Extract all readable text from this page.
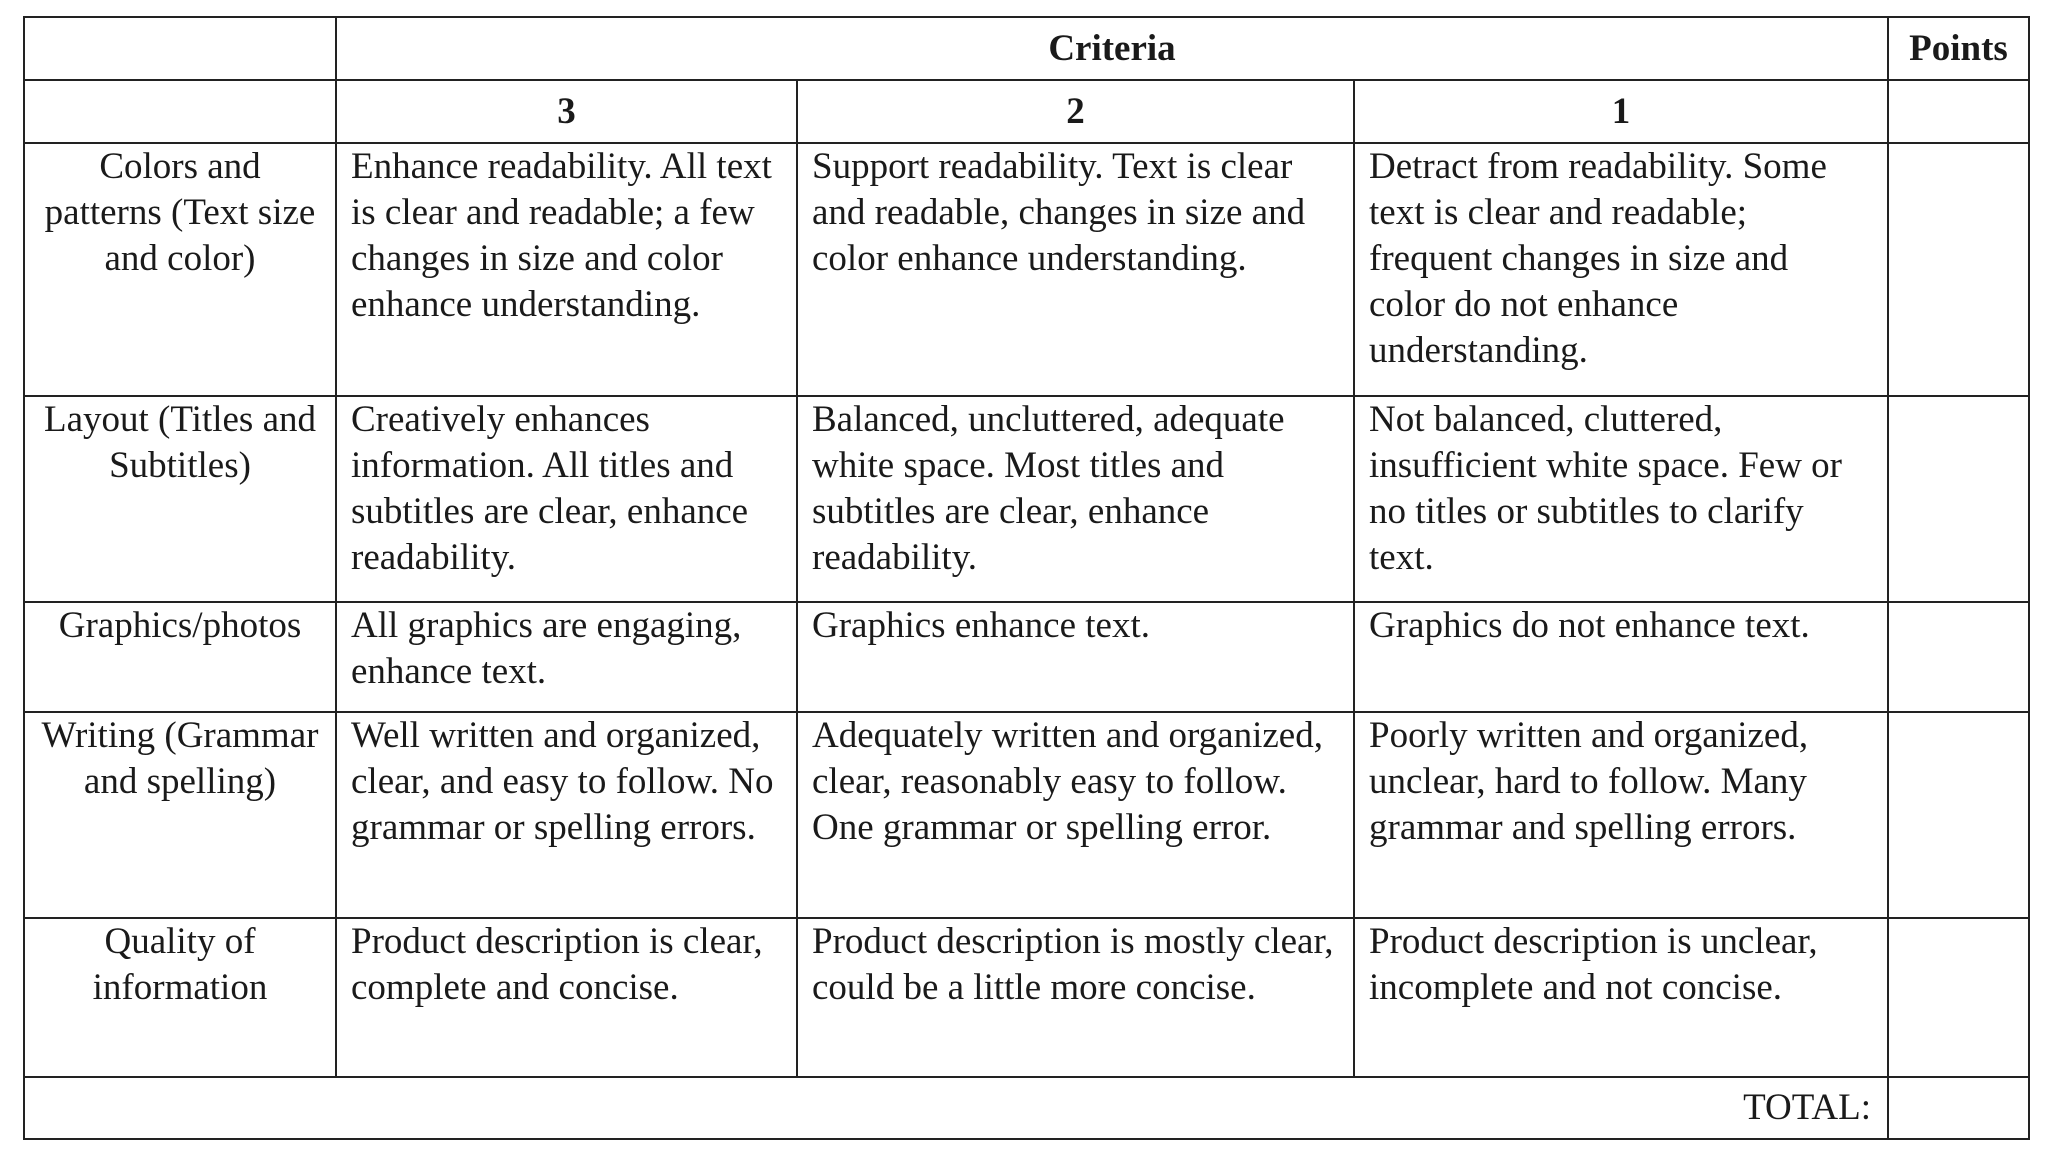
	Criteria			Points
	3	2	1	
Colors and patterns (Text size and color)	Enhance readability. All text is clear and readable; a few changes in size and color enhance understanding.	Support readability. Text is clear and readable, changes in size and color enhance understanding.	Detract from readability. Some text is clear and readable; frequent changes in size and color do not enhance understanding.	
Layout (Titles and Subtitles)	Creatively enhances information. All titles and subtitles are clear, enhance readability.	Balanced, uncluttered, adequate white space. Most titles and subtitles are clear, enhance readability.	Not balanced, cluttered, insufficient white space. Few or no titles or subtitles to clarify text.	
Graphics/photos	All graphics are engaging, enhance text.	Graphics enhance text.	Graphics do not enhance text.	
Writing (Grammar and spelling)	Well written and organized, clear, and easy to follow. No grammar or spelling errors.	Adequately written and organized, clear, reasonably easy to follow. One grammar or spelling error.	Poorly written and organized, unclear, hard to follow. Many grammar and spelling errors.	
Quality of information	Product description is clear, complete and concise.	Product description is mostly clear, could be a little more concise.	Product description is unclear, incomplete and not concise.	
TOTAL:				
